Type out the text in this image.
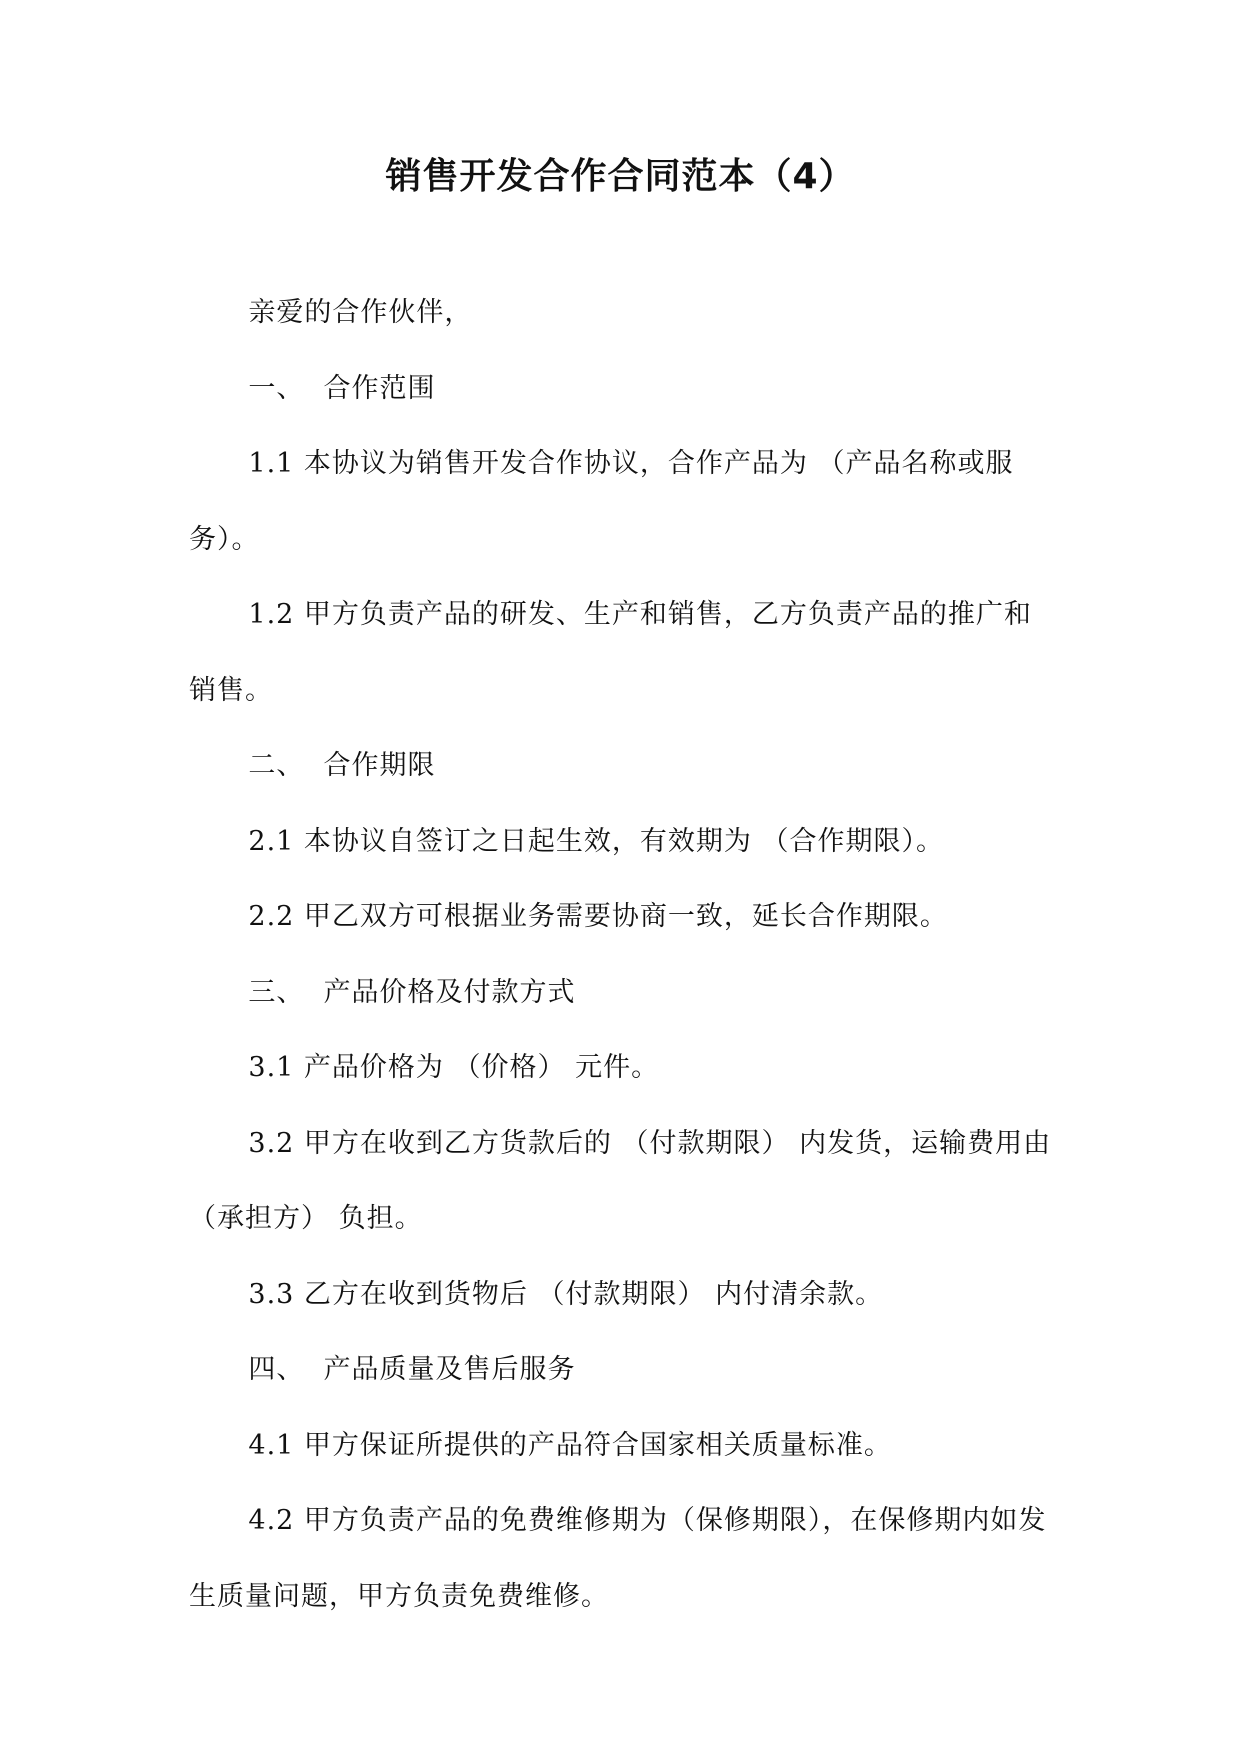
销售开发合作合同范本（4）

亲爱的合作伙伴，

一、  合作范围

1.1 本协议为销售开发合作协议，合作产品为 （产品名称或服务）。

1.2 甲方负责产品的研发、生产和销售，乙方负责产品的推广和销售。

二、  合作期限

2.1 本协议自签订之日起生效，有效期为 （合作期限）。

2.2 甲乙双方可根据业务需要协商一致，延长合作期限。

三、  产品价格及付款方式

3.1 产品价格为 （价格） 元件。

3.2 甲方在收到乙方货款后的 （付款期限） 内发货，运输费用由 （承担方） 负担。

3.3 乙方在收到货物后 （付款期限） 内付清余款。

四、  产品质量及售后服务

4.1 甲方保证所提供的产品符合国家相关质量标准。

4.2 甲方负责产品的免费维修期为（保修期限），在保修期内如发生质量问题，甲方负责免费维修。
